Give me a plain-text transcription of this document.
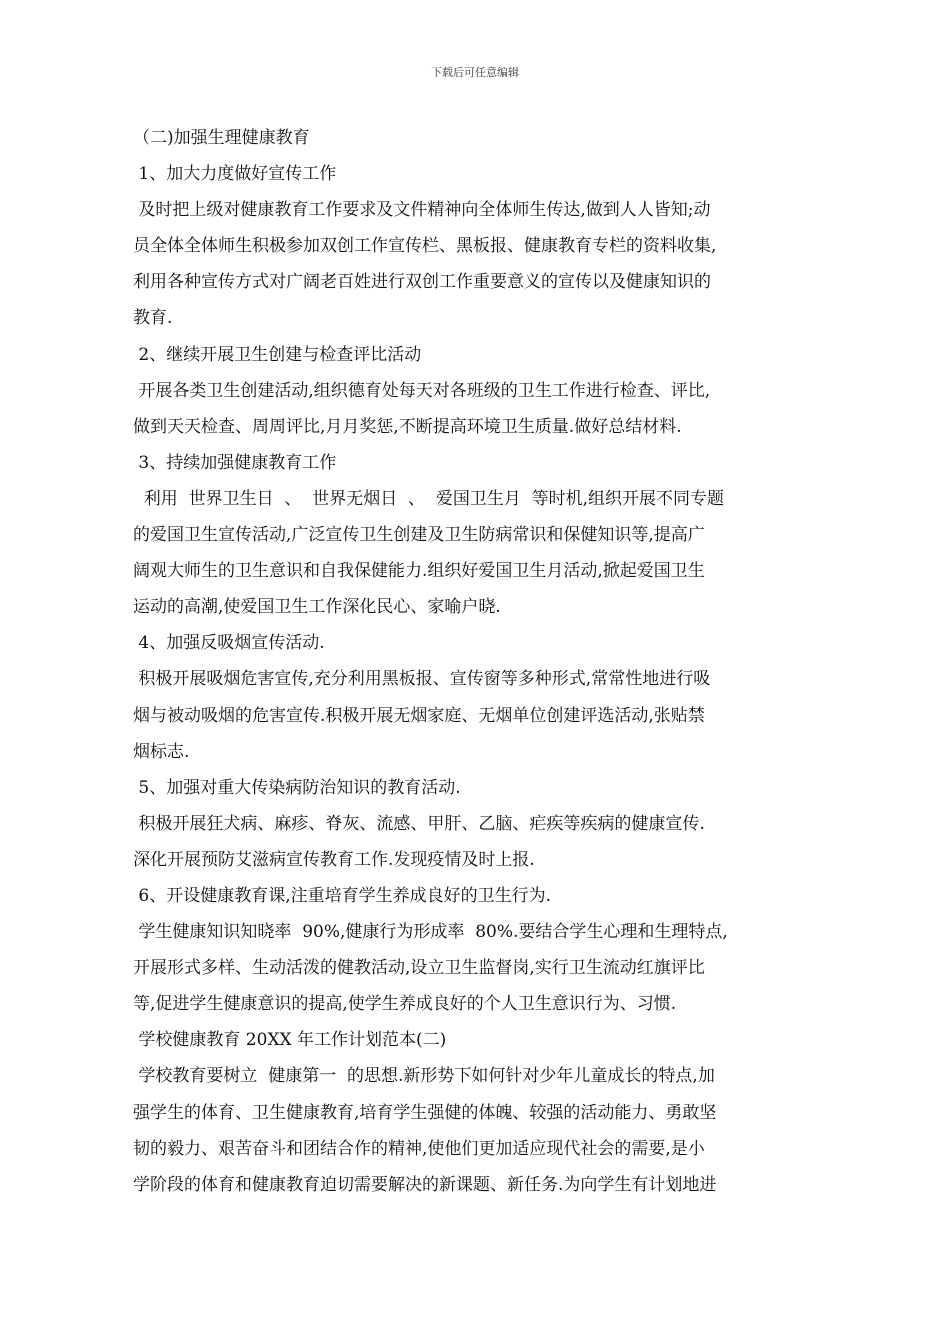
下载后可任意编辑
（二)加强生理健康教育
1、加大力度做好宣传工作
及时把上级对健康教育工作要求及文件精神向全体师生传达,做到人人皆知;动
员全体全体师生积极参加双创工作宣传栏、黑板报、健康教育专栏的资料收集,
利用各种宣传方式对广阔老百姓进行双创工作重要意义的宣传以及健康知识的
教育.
2、继续开展卫生创建与检查评比活动
开展各类卫生创建活动,组织德育处每天对各班级的卫生工作进行检查、评比,
做到天天检查、周周评比,月月奖惩,不断提高环境卫生质量.做好总结材料.
3、持续加强健康教育工作
利用  世界卫生日  、  世界无烟日  、  爱国卫生月  等时机,组织开展不同专题
的爱国卫生宣传活动,广泛宣传卫生创建及卫生防病常识和保健知识等,提高广
阔观大师生的卫生意识和自我保健能力.组织好爱国卫生月活动,掀起爱国卫生
运动的高潮,使爱国卫生工作深化民心、家喻户晓.
4、加强反吸烟宣传活动.
积极开展吸烟危害宣传,充分利用黑板报、宣传窗等多种形式,常常性地进行吸
烟与被动吸烟的危害宣传.积极开展无烟家庭、无烟单位创建评选活动,张贴禁
烟标志.
5、加强对重大传染病防治知识的教育活动.
积极开展狂犬病、麻疹、脊灰、流感、甲肝、乙脑、疟疾等疾病的健康宣传.
深化开展预防艾滋病宣传教育工作.发现疫情及时上报.
6、开设健康教育课,注重培育学生养成良好的卫生行为.
学生健康知识知晓率  90%,健康行为形成率  80%.要结合学生心理和生理特点,
开展形式多样、生动活泼的健教活动,设立卫生监督岗,实行卫生流动红旗评比
等,促进学生健康意识的提高,使学生养成良好的个人卫生意识行为、习惯.
学校健康教育 20XX 年工作计划范本(二)
学校教育要树立  健康第一  的思想.新形势下如何针对少年儿童成长的特点,加
强学生的体育、卫生健康教育,培育学生强健的体魄、较强的活动能力、勇敢坚
韧的毅力、艰苦奋斗和团结合作的精神,使他们更加适应现代社会的需要,是小
学阶段的体育和健康教育迫切需要解决的新课题、新任务.为向学生有计划地进
